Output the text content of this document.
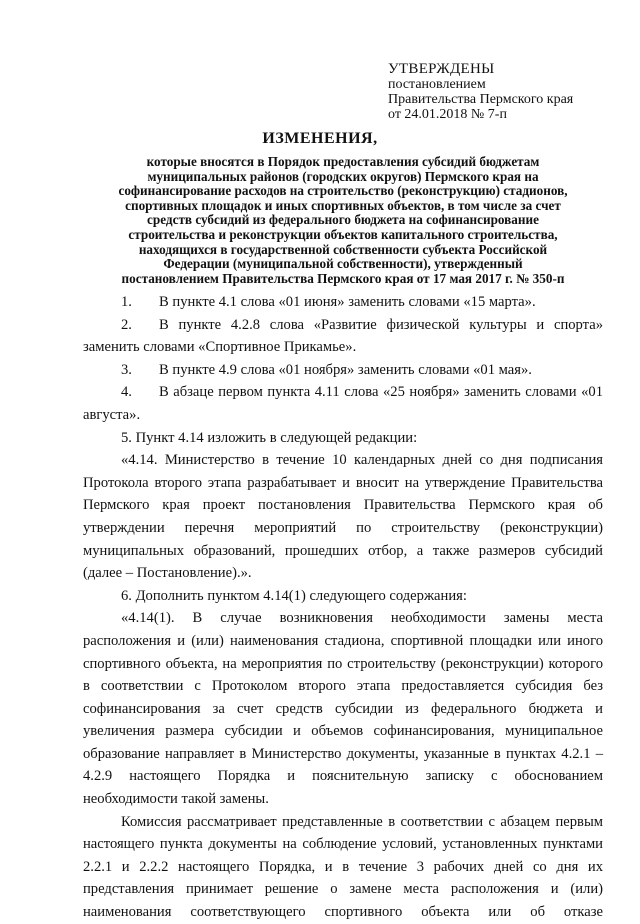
УТВЕРЖДЕНЫ
постановлением
Правительства Пермского края
от 24.01.2018 № 7-п
ИЗМЕНЕНИЯ,
которые вносятся в Порядок предоставления субсидий бюджетам
муниципальных районов (городских округов) Пермского края на
софинансирование расходов на строительство (реконструкцию) стадионов,
спортивных площадок и иных спортивных объектов, в том числе за счет
средств субсидий из федерального бюджета на софинансирование
строительства и реконструкции объектов капитального строительства,
находящихся в государственной собственности субъекта Российской
Федерации (муниципальной собственности), утвержденный
постановлением Правительства Пермского края от 17 мая 2017 г. № 350-п

1. В пункте 4.1 слова «01 июня» заменить словами «15 марта».

2. В пункте 4.2.8 слова «Развитие физической культуры и спорта» заменить словами «Спортивное Прикамье».

3. В пункте 4.9 слова «01 ноября» заменить словами «01 мая».

4. В абзаце первом пункта 4.11 слова «25 ноября» заменить словами «01 августа».

5. Пункт 4.14 изложить в следующей редакции:

«4.14. Министерство в течение 10 календарных дней со дня подписания Протокола второго этапа разрабатывает и вносит на утверждение Правительства Пермского края проект постановления Правительства Пермского края об утверждении перечня мероприятий по строительству (реконструкции) муниципальных образований, прошедших отбор, а также размеров субсидий (далее – Постановление).».

6. Дополнить пунктом 4.14(1) следующего содержания:

«4.14(1). В случае возникновения необходимости замены места расположения и (или) наименования стадиона, спортивной площадки или иного спортивного объекта, на мероприятия по строительству (реконструкции) которого в соответствии с Протоколом второго этапа предоставляется субсидия без софинансирования за счет средств субсидии из федерального бюджета и увеличения размера субсидии и объемов софинансирования, муниципальное образование направляет в Министерство документы, указанные в пунктах 4.2.1 – 4.2.9 настоящего Порядка и пояснительную записку с обоснованием необходимости такой замены.

Комиссия рассматривает представленные в соответствии с абзацем первым настоящего пункта документы на соблюдение условий, установленных пунктами 2.2.1 и 2.2.2 настоящего Порядка, и в течение 3 рабочих дней со дня их представления принимает решение о замене места расположения и (или) наименования соответствующего спортивного объекта или об отказе
